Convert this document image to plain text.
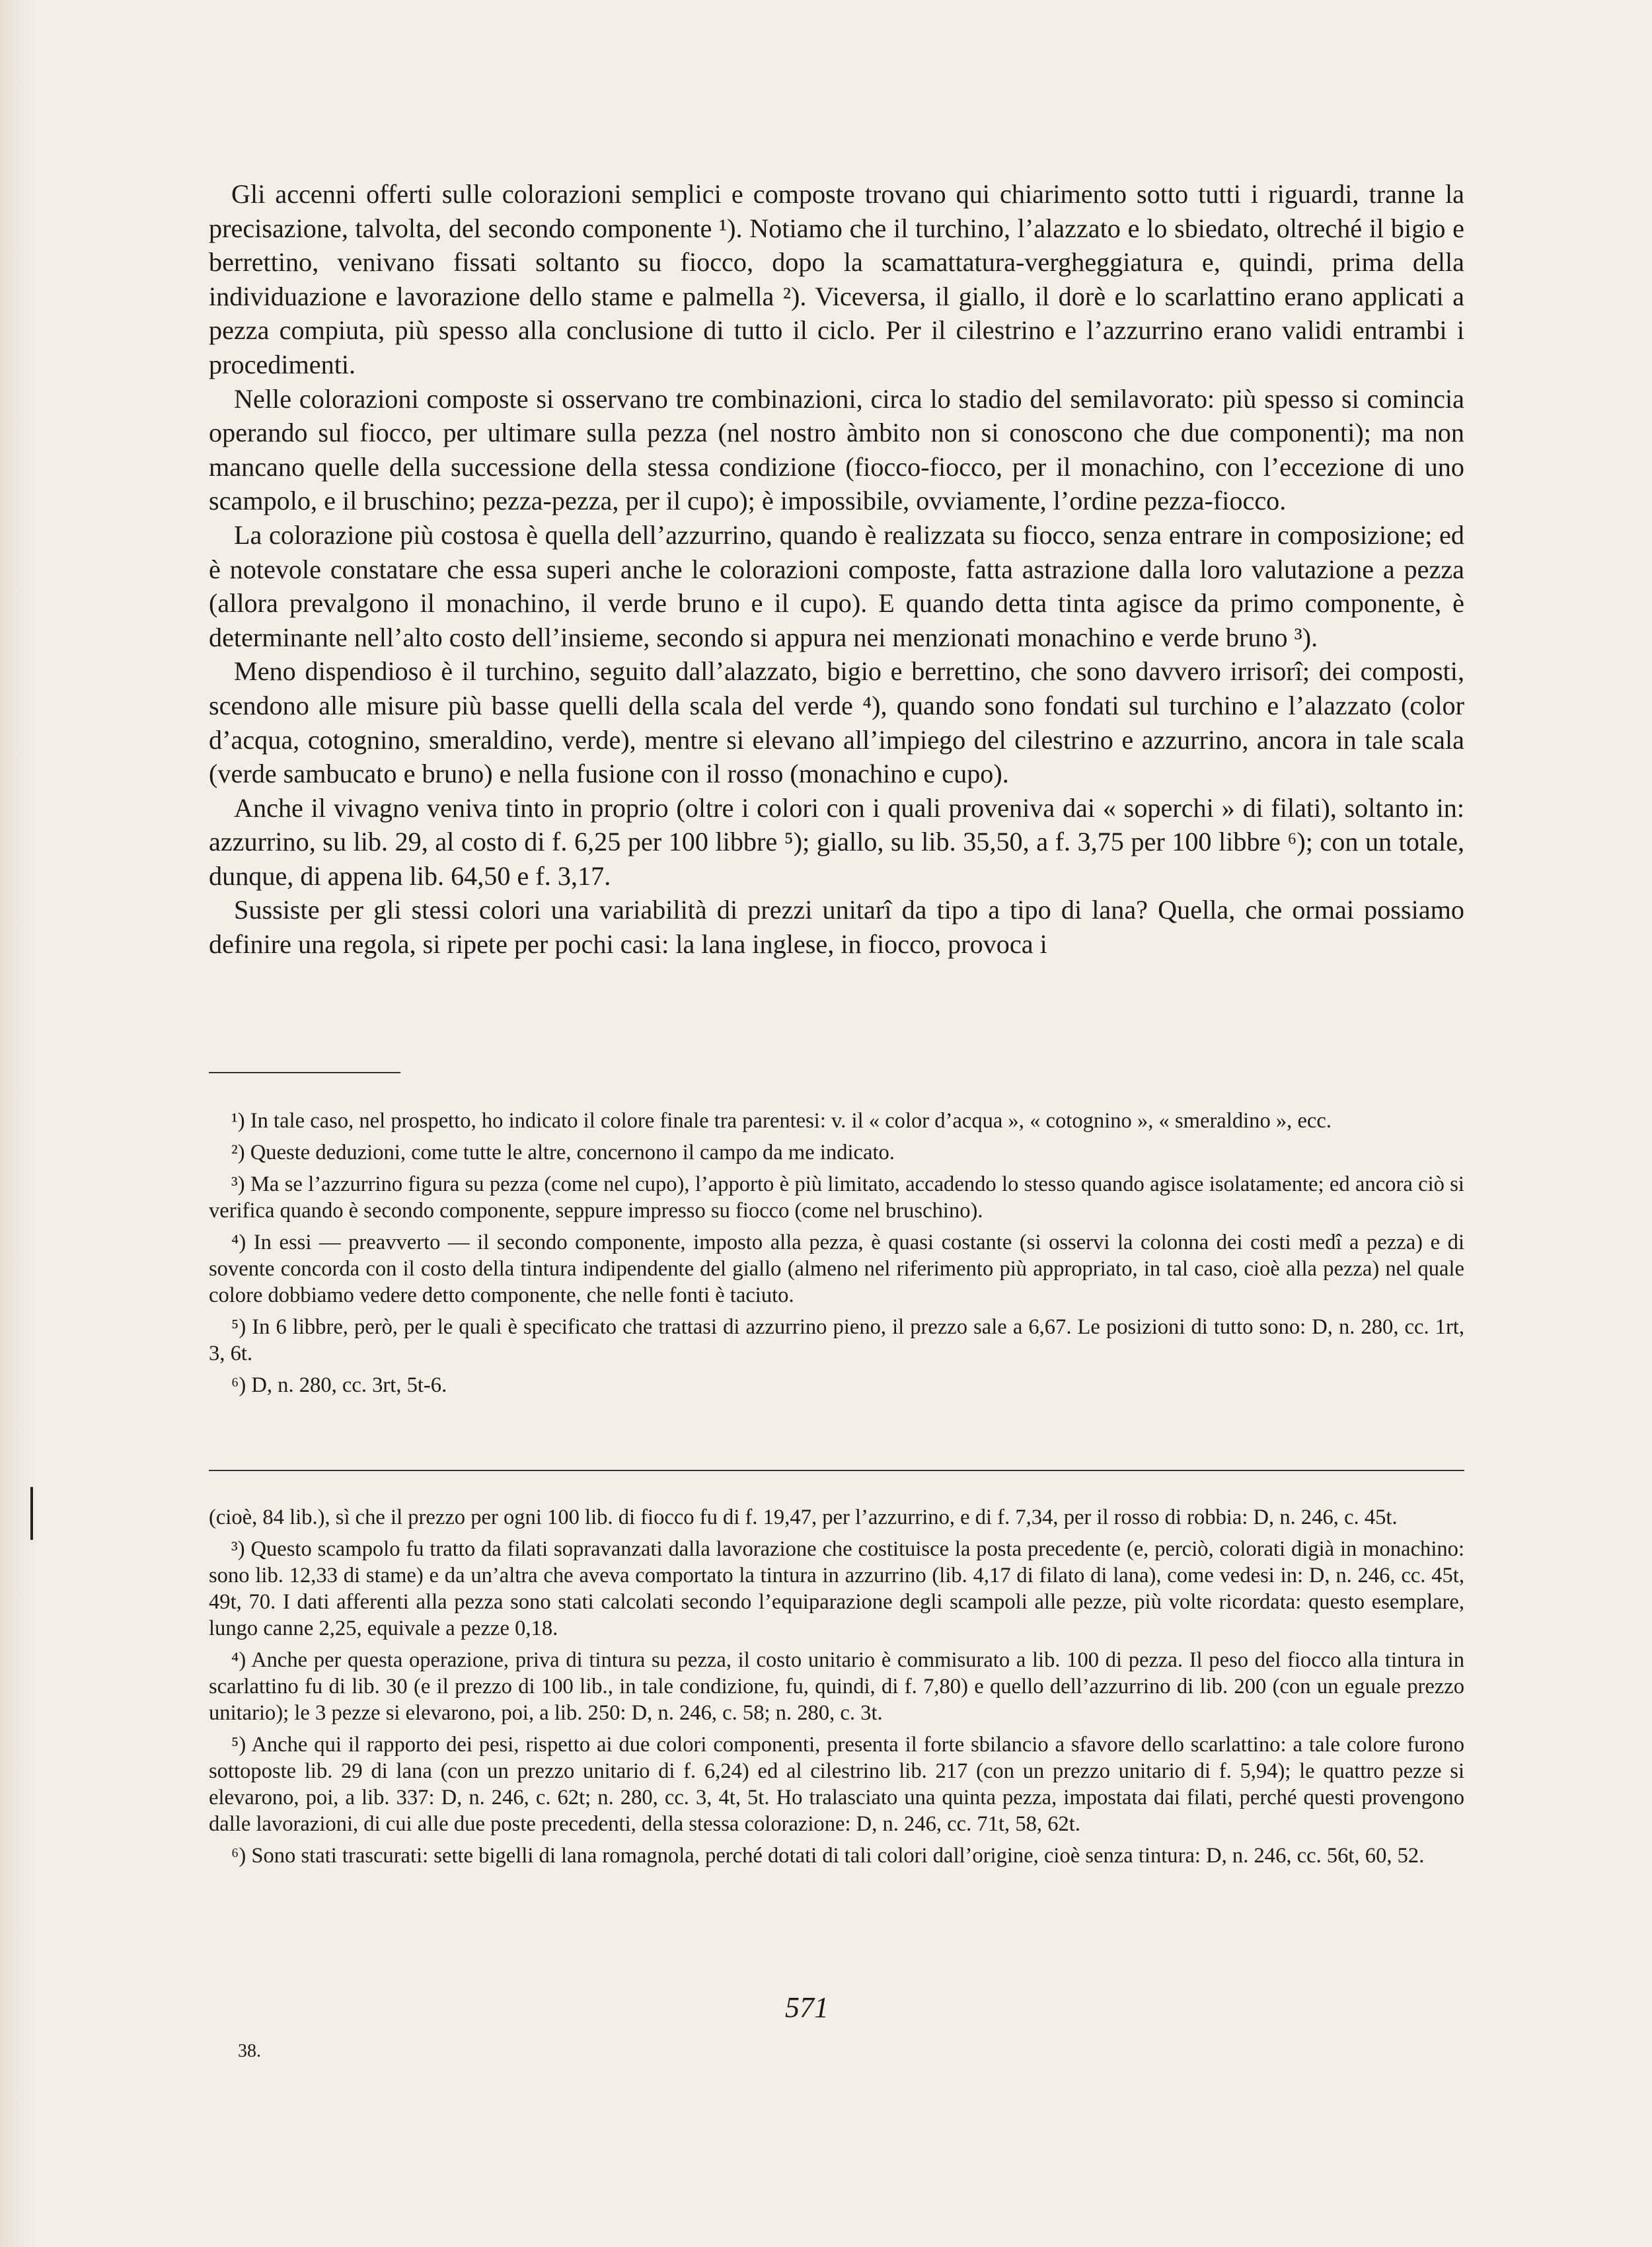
Gli accenni offerti sulle colorazioni semplici e composte trovano qui chiarimento sotto tutti i riguardi, tranne la precisazione, talvolta, del secondo componente ¹). Notiamo che il turchino, l’alazzato e lo sbiedato, oltreché il bigio e berrettino, venivano fissati soltanto su fiocco, dopo la scamattatura-vergheggiatura e, quindi, prima della individuazione e lavorazione dello stame e palmella ²). Viceversa, il giallo, il dorè e lo scarlattino erano applicati a pezza compiuta, più spesso alla conclusione di tutto il ciclo. Per il cilestrino e l’azzurrino erano validi entrambi i procedimenti.

Nelle colorazioni composte si osservano tre combinazioni, circa lo stadio del semilavorato: più spesso si comincia operando sul fiocco, per ultimare sulla pezza (nel nostro àmbito non si conoscono che due componenti); ma non mancano quelle della successione della stessa condizione (fiocco-fiocco, per il monachino, con l’eccezione di uno scampolo, e il bruschino; pezza-pezza, per il cupo); è impossibile, ovviamente, l’ordine pezza-fiocco.

La colorazione più costosa è quella dell’azzurrino, quando è realizzata su fiocco, senza entrare in composizione; ed è notevole constatare che essa superi anche le colorazioni composte, fatta astrazione dalla loro valutazione a pezza (allora prevalgono il monachino, il verde bruno e il cupo). E quando detta tinta agisce da primo componente, è determinante nell’alto costo dell’insieme, secondo si appura nei menzionati monachino e verde bruno ³).

Meno dispendioso è il turchino, seguito dall’alazzato, bigio e berrettino, che sono davvero irrisorî; dei composti, scendono alle misure più basse quelli della scala del verde ⁴), quando sono fondati sul turchino e l’alazzato (color d’acqua, cotognino, smeraldino, verde), mentre si elevano all’impiego del cilestrino e azzurrino, ancora in tale scala (verde sambucato e bruno) e nella fusione con il rosso (monachino e cupo).

Anche il vivagno veniva tinto in proprio (oltre i colori con i quali proveniva dai « soperchi » di filati), soltanto in: azzurrino, su lib. 29, al costo di f. 6,25 per 100 libbre ⁵); giallo, su lib. 35,50, a f. 3,75 per 100 libbre ⁶); con un totale, dunque, di appena lib. 64,50 e f. 3,17.

Sussiste per gli stessi colori una variabilità di prezzi unitarî da tipo a tipo di lana? Quella, che ormai possiamo definire una regola, si ripete per pochi casi: la lana inglese, in fiocco, provoca i

¹) In tale caso, nel prospetto, ho indicato il colore finale tra parentesi: v. il « color d’acqua », « cotognino », « smeraldino », ecc.

²) Queste deduzioni, come tutte le altre, concernono il campo da me indicato.

³) Ma se l’azzurrino figura su pezza (come nel cupo), l’apporto è più limitato, accadendo lo stesso quando agisce isolatamente; ed ancora ciò si verifica quando è secondo componente, seppure impresso su fiocco (come nel bruschino).

⁴) In essi — preavverto — il secondo componente, imposto alla pezza, è quasi costante (si osservi la colonna dei costi medî a pezza) e di sovente concorda con il costo della tintura indipendente del giallo (almeno nel riferimento più appropriato, in tal caso, cioè alla pezza) nel quale colore dobbiamo vedere detto componente, che nelle fonti è taciuto.

⁵) In 6 libbre, però, per le quali è specificato che trattasi di azzurrino pieno, il prezzo sale a 6,67. Le posizioni di tutto sono: D, n. 280, cc. 1rt, 3, 6t.

⁶) D, n. 280, cc. 3rt, 5t-6.

(cioè, 84 lib.), sì che il prezzo per ogni 100 lib. di fiocco fu di f. 19,47, per l’azzurrino, e di f. 7,34, per il rosso di robbia: D, n. 246, c. 45t.

³) Questo scampolo fu tratto da filati sopravanzati dalla lavorazione che costituisce la posta precedente (e, perciò, colorati digià in monachino: sono lib. 12,33 di stame) e da un’altra che aveva comportato la tintura in azzurrino (lib. 4,17 di filato di lana), come vedesi in: D, n. 246, cc. 45t, 49t, 70. I dati afferenti alla pezza sono stati calcolati secondo l’equiparazione degli scampoli alle pezze, più volte ricordata: questo esemplare, lungo canne 2,25, equivale a pezze 0,18.

⁴) Anche per questa operazione, priva di tintura su pezza, il costo unitario è commisurato a lib. 100 di pezza. Il peso del fiocco alla tintura in scarlattino fu di lib. 30 (e il prezzo di 100 lib., in tale condizione, fu, quindi, di f. 7,80) e quello dell’azzurrino di lib. 200 (con un eguale prezzo unitario); le 3 pezze si elevarono, poi, a lib. 250: D, n. 246, c. 58; n. 280, c. 3t.

⁵) Anche qui il rapporto dei pesi, rispetto ai due colori componenti, presenta il forte sbilancio a sfavore dello scarlattino: a tale colore furono sottoposte lib. 29 di lana (con un prezzo unitario di f. 6,24) ed al cilestrino lib. 217 (con un prezzo unitario di f. 5,94); le quattro pezze si elevarono, poi, a lib. 337: D, n. 246, c. 62t; n. 280, cc. 3, 4t, 5t. Ho tralasciato una quinta pezza, impostata dai filati, perché questi provengono dalle lavorazioni, di cui alle due poste precedenti, della stessa colorazione: D, n. 246, cc. 71t, 58, 62t.

⁶) Sono stati trascurati: sette bigelli di lana romagnola, perché dotati di tali colori dall’origine, cioè senza tintura: D, n. 246, cc. 56t, 60, 52.

571
38.
